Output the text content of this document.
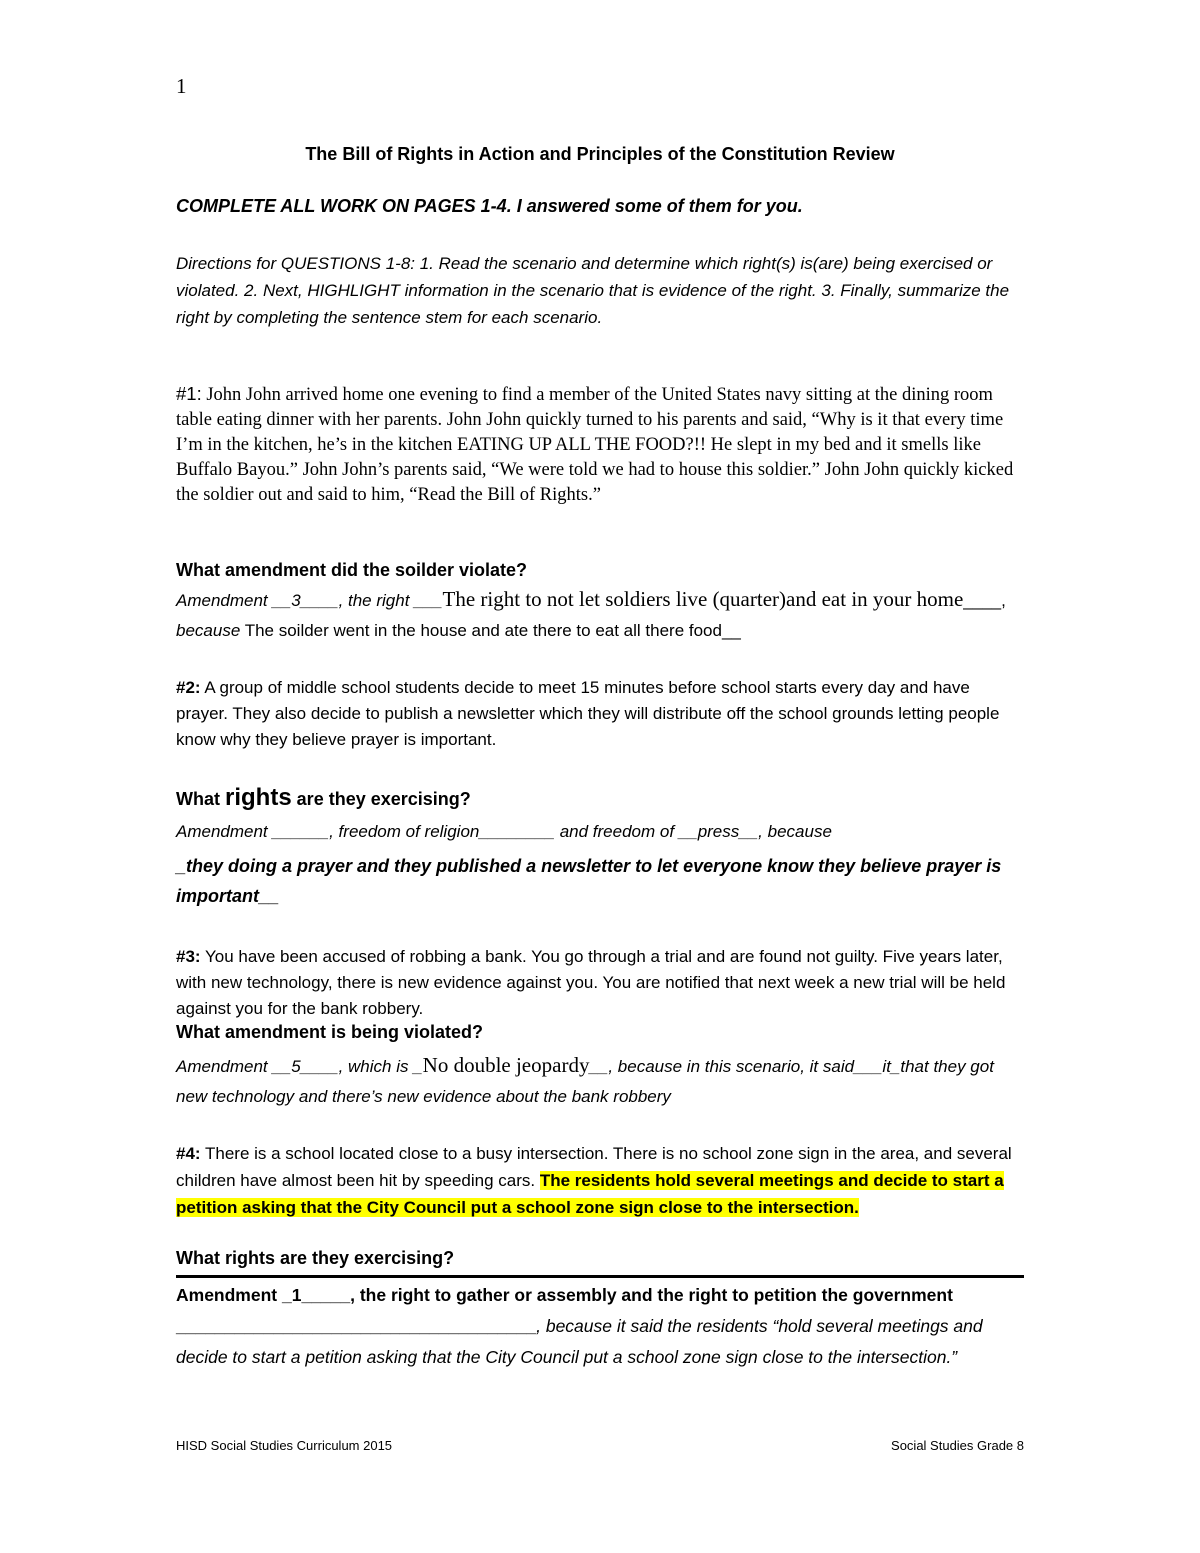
1
The Bill of Rights in Action and Principles of the Constitution Review
COMPLETE ALL WORK ON PAGES 1-4. I answered some of them for you.
Directions for QUESTIONS 1-8: 1. Read the scenario and determine which right(s) is(are) being exercised or violated. 2. Next, HIGHLIGHT information in the scenario that is evidence of the right. 3. Finally, summarize the right by completing the sentence stem for each scenario.
#1: John John arrived home one evening to find a member of the United States navy sitting at the dining room table eating dinner with her parents. John John quickly turned to his parents and said, “Why is it that every time I’m in the kitchen, he’s in the kitchen EATING UP ALL THE FOOD?!! He slept in my bed and it smells like Buffalo Bayou.” John John’s parents said, “We were told we had to house this soldier.” John John quickly kicked the soldier out and said to him, “Read the Bill of Rights.”
What amendment did the soilder violate?
Amendment __3____, the right ___The right to not let soldiers live (quarter)and eat in your home____, because The soilder went in the house and ate there to eat all there food__
#2: A group of middle school students decide to meet 15 minutes before school starts every day and have prayer. They also decide to publish a newsletter which they will distribute off the school grounds letting people know why they believe prayer is important.
What rights are they exercising?
Amendment ______, freedom of religion________ and freedom of __press__, because
_they doing a prayer and they published a newsletter to let everyone know they believe prayer is important__
#3: You have been accused of robbing a bank. You go through a trial and are found not guilty. Five years later, with new technology, there is new evidence against you. You are notified that next week a new trial will be held against you for the bank robbery.
What amendment is being violated?
Amendment __5____, which is _No double jeopardy__, because in this scenario, it said___it_that they got new technology and there’s new evidence about the bank robbery
#4: There is a school located close to a busy intersection. There is no school zone sign in the area, and several children have almost been hit by speeding cars. The residents hold several meetings and decide to start a petition asking that the City Council put a school zone sign close to the intersection.
What rights are they exercising?
Amendment _1_____, the right to gather or assembly and the right to petition the government _____________________________________, because it said the residents “hold several meetings and decide to start a petition asking that the City Council put a school zone sign close to the intersection.”
HISD Social Studies Curriculum 2015	Social Studies Grade 8
